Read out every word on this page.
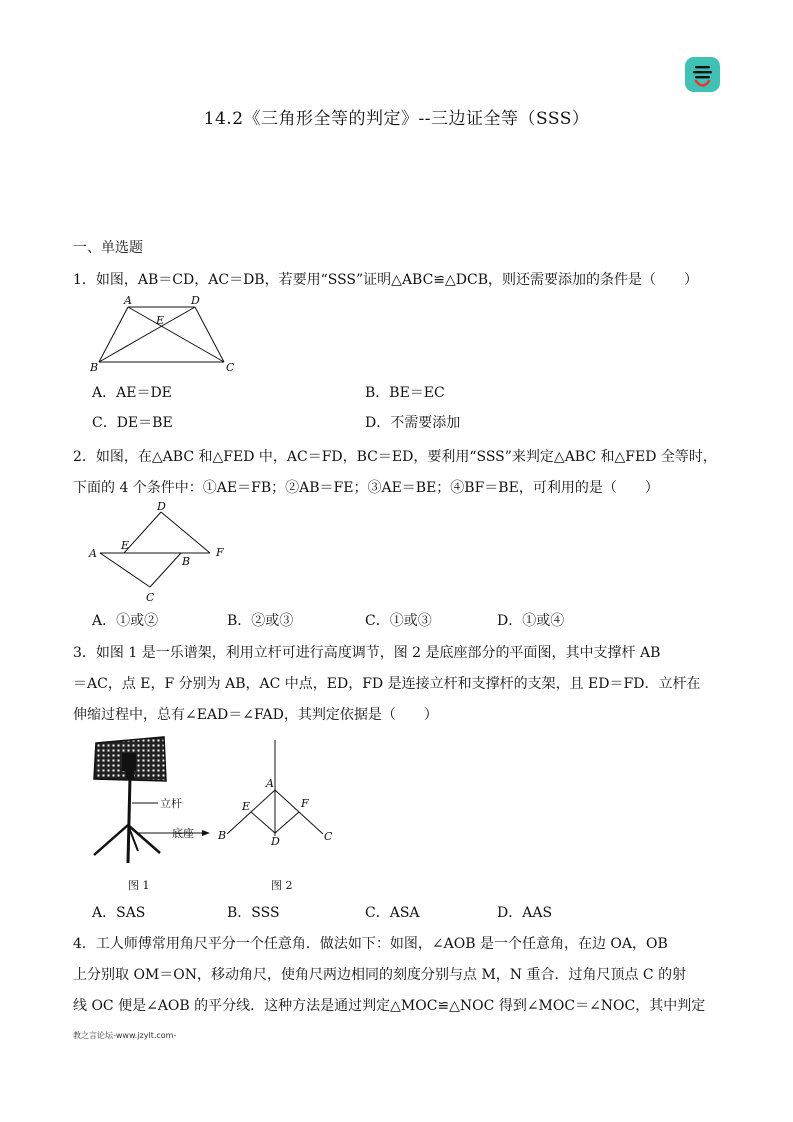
14.2《三角形全等的判定》--三边证全等（SSS）
一、单选题
1．如图，AB＝CD，AC＝DB，若要用“SSS”证明△ABC≌△DCB，则还需要添加的条件是（　　）
A	D
E
B	C
A．AE＝DE	B．BE＝EC
C．DE＝BE	D．不需要添加
2．如图，在△ABC 和△FED 中，AC＝FD，BC＝ED，要利用“SSS”来判定△ABC 和△FED 全等时，
下面的 4 个条件中：①AE＝FB；②AB＝FE；③AE＝BE；④BF＝BE，可利用的是（　　）
D
A
E
F
B
C
A．①或②	B．②或③	C．①或③	D．①或④
3．如图 1 是一乐谱架，利用立杆可进行高度调节，图 2 是底座部分的平面图，其中支撑杆 AB
＝AC，点 E，F 分别为 AB，AC 中点，ED，FD 是连接立杆和支撑杆的支架，且 ED＝FD．立杆在
伸缩过程中，总有∠EAD＝∠FAD，其判定依据是（　　）
立杆
底座
图 1
A
E	F
B	D	C
图 2
A．SAS	B．SSS	C．ASA	D．AAS
4．工人师傅常用角尺平分一个任意角．做法如下：如图，∠AOB 是一个任意角，在边 OA，OB
上分别取 OM＝ON，移动角尺，使角尺两边相同的刻度分别与点 M，N 重合．过角尺顶点 C 的射
线 OC 便是∠AOB 的平分线．这种方法是通过判定△MOC≌△NOC 得到∠MOC＝∠NOC，其中判定
教之言论坛-www.jzylt.com-
